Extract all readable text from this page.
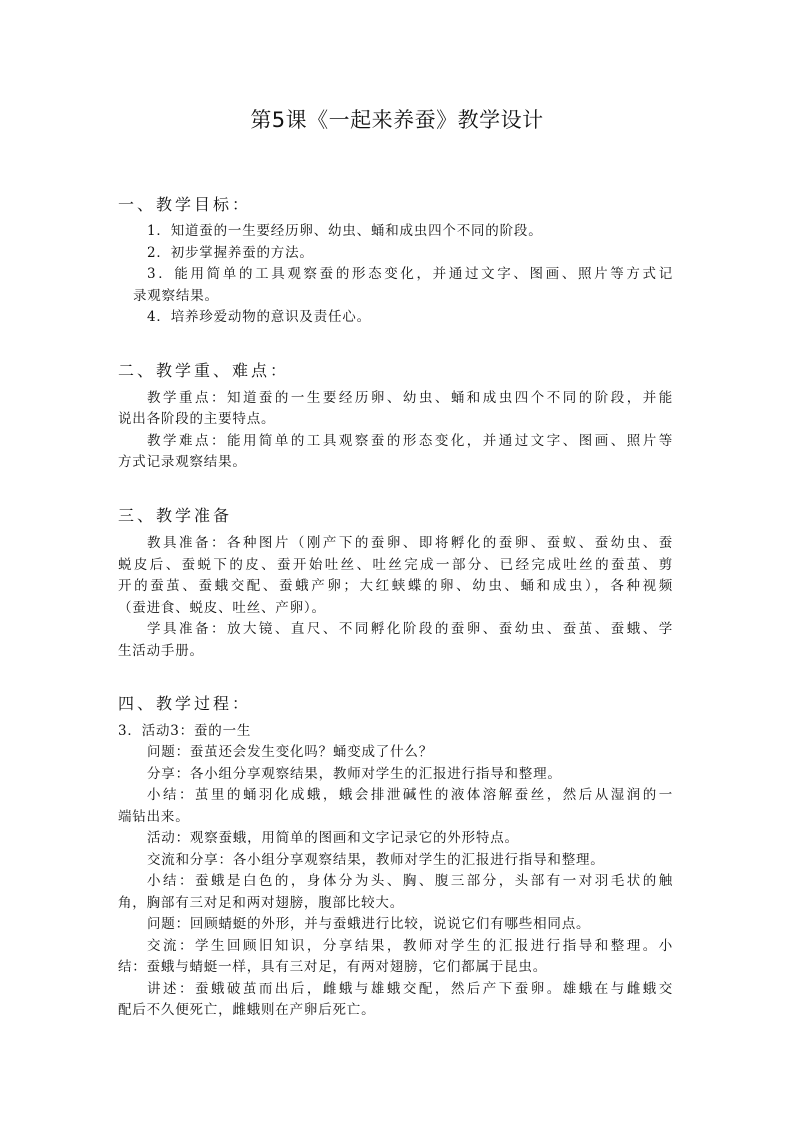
第5课《一起来养蚕》教学设计
一、教学目标：
1．知道蚕的一生要经历卵、幼虫、蛹和成虫四个不同的阶段。
2．初步掌握养蚕的方法。
3．能用简单的工具观察蚕的形态变化，并通过文字、图画、照片等方式记
录观察结果。
4．培养珍爱动物的意识及责任心。
二、教学重、难点：
教学重点：知道蚕的一生要经历卵、幼虫、蛹和成虫四个不同的阶段，并能
说出各阶段的主要特点。
教学难点：能用简单的工具观察蚕的形态变化，并通过文字、图画、照片等
方式记录观察结果。
三、教学准备
教具准备：各种图片（刚产下的蚕卵、即将孵化的蚕卵、蚕蚁、蚕幼虫、蚕
蜕皮后、蚕蜕下的皮、蚕开始吐丝、吐丝完成一部分、已经完成吐丝的蚕茧、剪
开的蚕茧、蚕蛾交配、蚕蛾产卵；大红蛱蝶的卵、幼虫、蛹和成虫），各种视频
（蚕进食、蜕皮、吐丝、产卵）。
学具准备：放大镜、直尺、不同孵化阶段的蚕卵、蚕幼虫、蚕茧、蚕蛾、学
生活动手册。
四、教学过程：
3．活动3：蚕的一生
问题：蚕茧还会发生变化吗？蛹变成了什么？
分享：各小组分享观察结果，教师对学生的汇报进行指导和整理。
小结：茧里的蛹羽化成蛾，蛾会排泄碱性的液体溶解蚕丝，然后从湿润的一
端钻出来。
活动：观察蚕蛾，用简单的图画和文字记录它的外形特点。
交流和分享：各小组分享观察结果，教师对学生的汇报进行指导和整理。
小结：蚕蛾是白色的，身体分为头、胸、腹三部分，头部有一对羽毛状的触
角，胸部有三对足和两对翅膀，腹部比较大。
问题：回顾蜻蜓的外形，并与蚕蛾进行比较，说说它们有哪些相同点。
交流：学生回顾旧知识，分享结果，教师对学生的汇报进行指导和整理。小
结：蚕蛾与蜻蜓一样，具有三对足，有两对翅膀，它们都属于昆虫。
讲述：蚕蛾破茧而出后，雌蛾与雄蛾交配，然后产下蚕卵。雄蛾在与雌蛾交
配后不久便死亡，雌蛾则在产卵后死亡。
